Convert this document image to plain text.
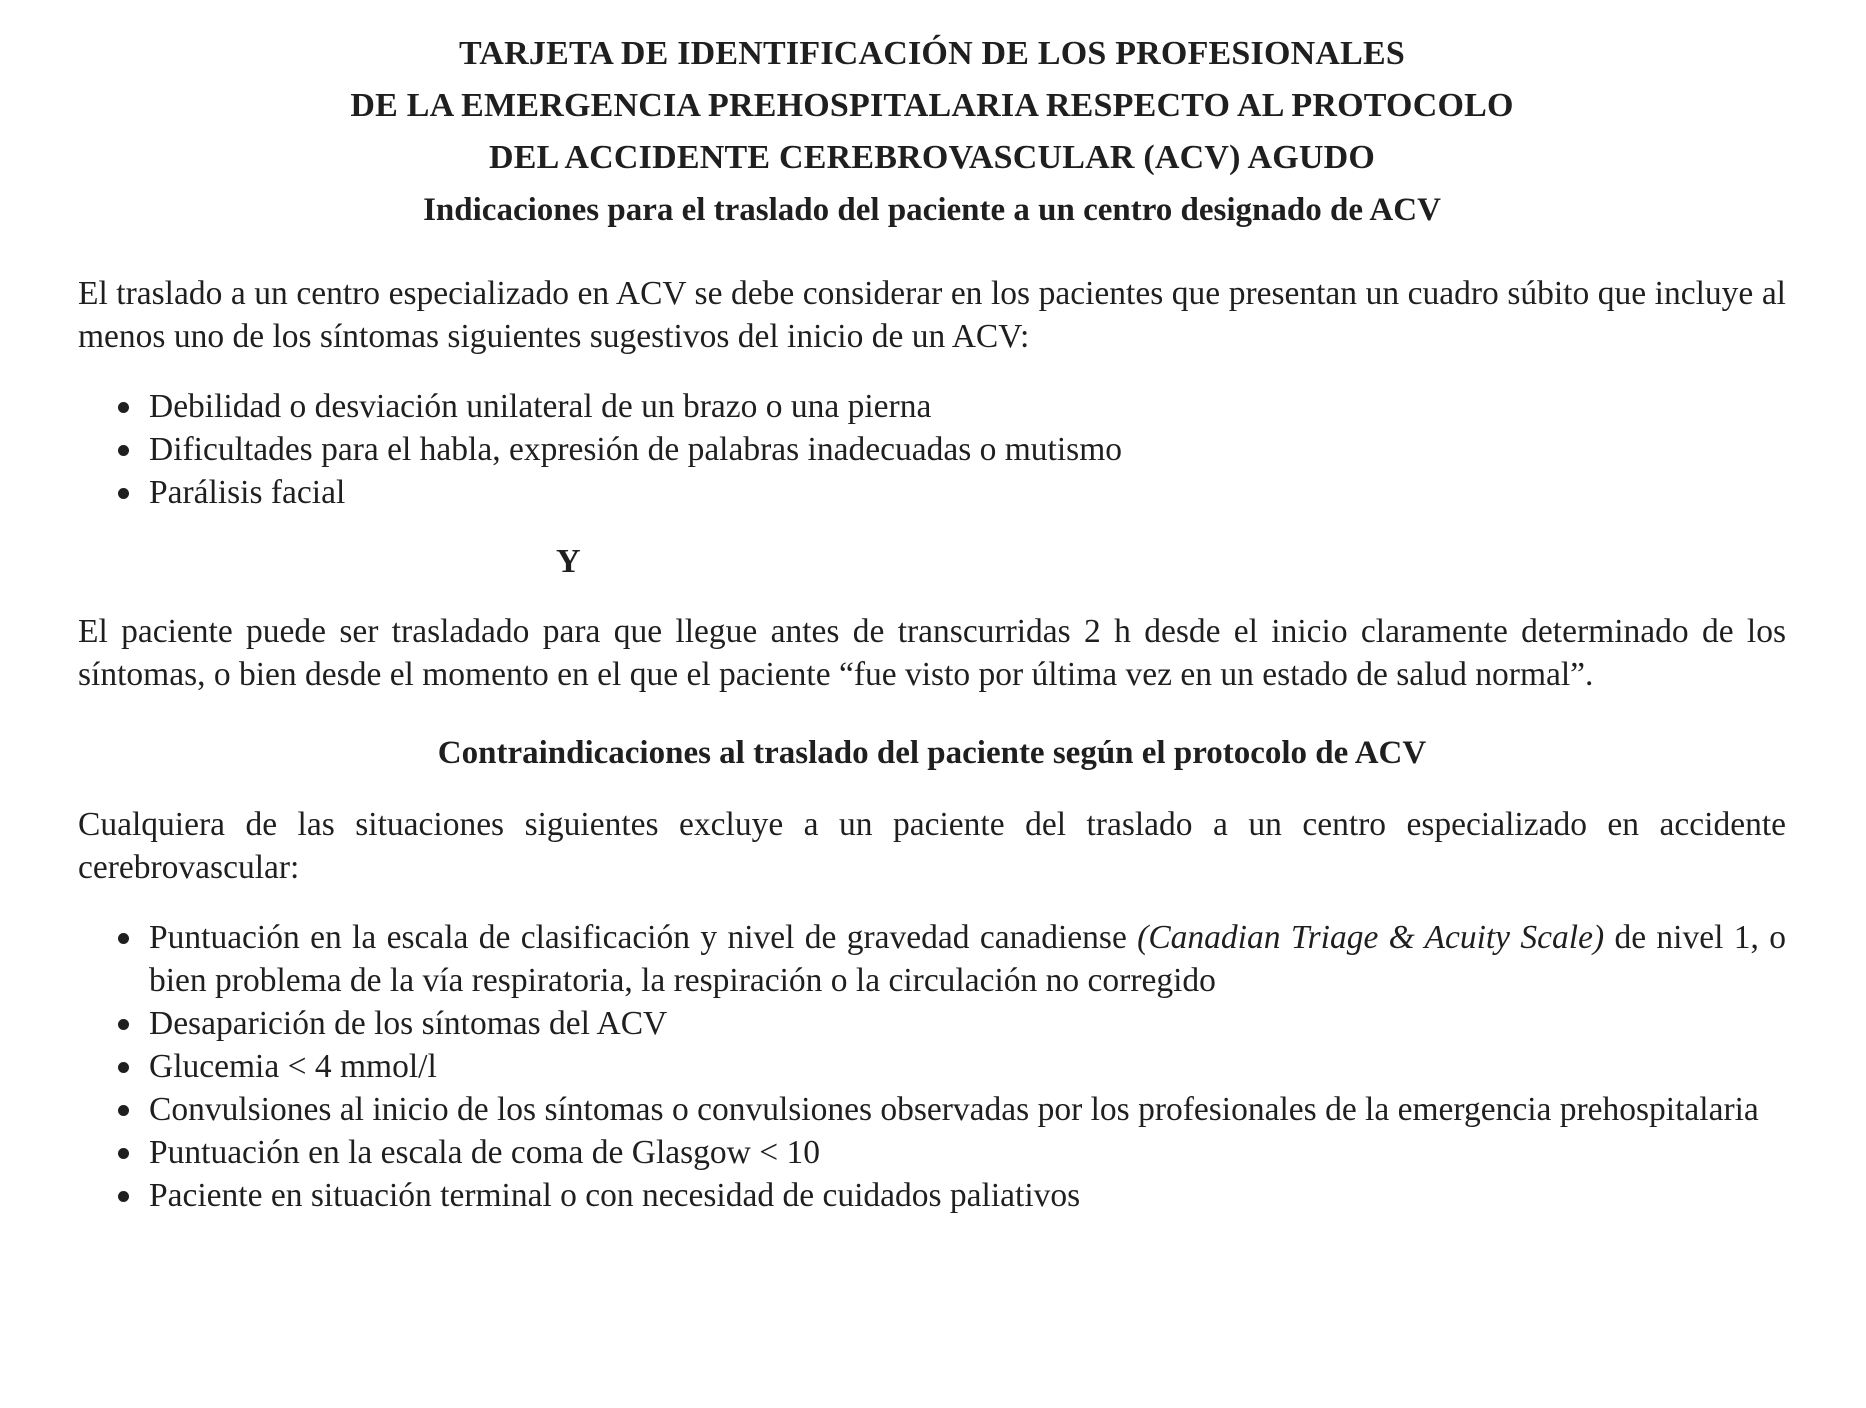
TARJETA DE IDENTIFICACIÓN DE LOS PROFESIONALES
DE LA EMERGENCIA PREHOSPITALARIA RESPECTO AL PROTOCOLO
DEL ACCIDENTE CEREBROVASCULAR (ACV) AGUDO
Indicaciones para el traslado del paciente a un centro designado de ACV

El traslado a un centro especializado en ACV se debe considerar en los pacientes que presentan un cuadro súbito que incluye al menos uno de los síntomas siguientes sugestivos del inicio de un ACV:

Debilidad o desviación unilateral de un brazo o una pierna
Dificultades para el habla, expresión de palabras inadecuadas o mutismo
Parálisis facial

Y

El paciente puede ser trasladado para que llegue antes de transcurridas 2 h desde el inicio claramente determinado de los síntomas, o bien desde el momento en el que el paciente “fue visto por última vez en un estado de salud normal”.

Contraindicaciones al traslado del paciente según el protocolo de ACV

Cualquiera de las situaciones siguientes excluye a un paciente del traslado a un centro especializado en accidente cerebrovascular:

Puntuación en la escala de clasificación y nivel de gravedad canadiense (Canadian Triage & Acuity Scale) de nivel 1, o bien problema de la vía respiratoria, la respiración o la circulación no corregido
Desaparición de los síntomas del ACV
Glucemia < 4 mmol/l
Convulsiones al inicio de los síntomas o convulsiones observadas por los profesionales de la emergencia prehospitalaria
Puntuación en la escala de coma de Glasgow < 10
Paciente en situación terminal o con necesidad de cuidados paliativos
